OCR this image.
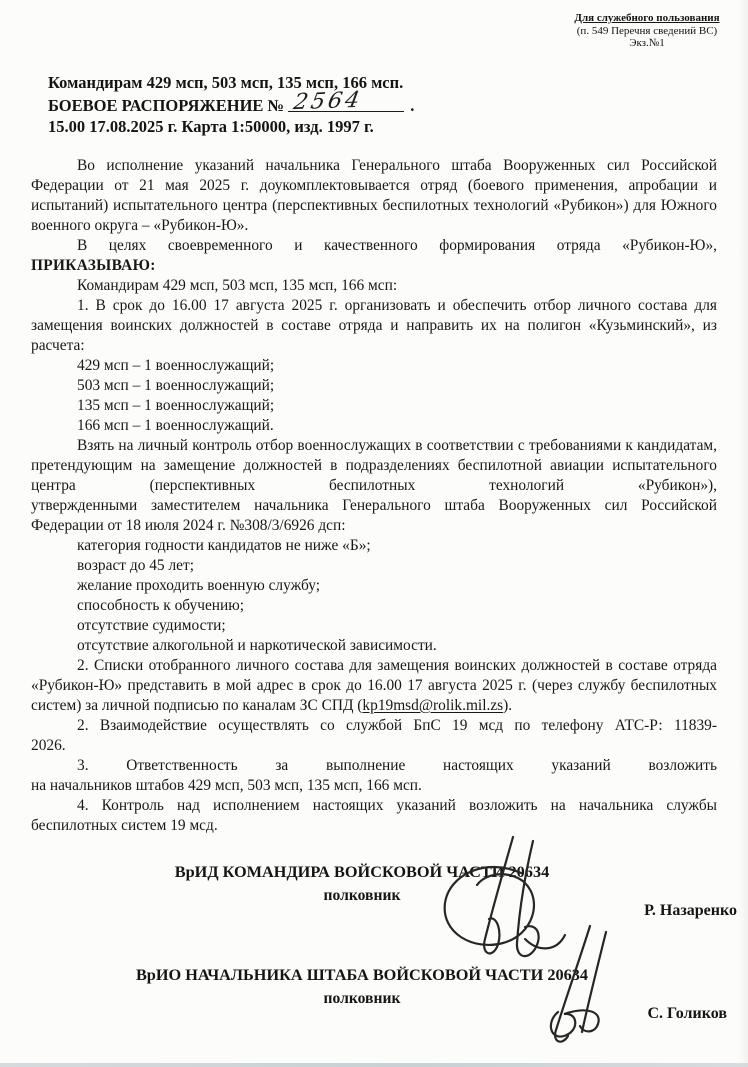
Для служебного пользования
(п. 549 Перечня сведений ВС)
Экз.№1
Командирам 429 мсп, 503 мсп, 135 мсп, 166 мсп.
БОЕВОЕ РАСПОРЯЖЕНИЕ № 2564	.
15.00 17.08.2025 г. Карта 1:50000, изд. 1997 г.

Во исполнение указаний начальника Генерального штаба Вооруженных сил Российской Федерации от 21 мая 2025 г. доукомплектовывается отряд (боевого применения, апробации и испытаний) испытательного центра (перспективных беспилотных технологий «Рубикон») для Южного военного округа – «Рубикон-Ю».

В целях своевременного и качественного формирования отряда «Рубикон-Ю»,

ПРИКАЗЫВАЮ:

Командирам 429 мсп, 503 мсп, 135 мсп, 166 мсп:

1. В срок до 16.00 17 августа 2025 г. организовать и обеспечить отбор личного состава для замещения воинских должностей в составе отряда и направить их на полигон «Кузьминский», из расчета:

429 мсп – 1 военнослужащий;

503 мсп – 1 военнослужащий;

135 мсп – 1 военнослужащий;

166 мсп – 1 военнослужащий.

Взять на личный контроль отбор военнослужащих в соответствии с требованиями к кандидатам, претендующим на замещение должностей в подразделениях беспилотной авиации испытательного центра (перспективных беспилотных технологий «Рубикон»),

утвержденными заместителем начальника Генерального штаба Вооруженных сил Российской Федерации от 18 июля 2024 г. №308/3/6926 дсп:

категория годности кандидатов не ниже «Б»;

возраст до 45 лет;

желание проходить военную службу;

способность к обучению;

отсутствие судимости;

отсутствие алкогольной и наркотической зависимости.

2. Списки отобранного личного состава для замещения воинских должностей в составе отряда «Рубикон-Ю» представить в мой адрес в срок до 16.00 17 августа 2025 г. (через службу беспилотных систем) за личной подписью по каналам ЗС СПД (kp19msd@rolik.mil.zs).

2. Взаимодействие осуществлять со службой БпС 19 мсд по телефону АТС-Р: 11839-

2026.

3. Ответственность за выполнение настоящих указаний возложить

на начальников штабов 429 мсп, 503 мсп, 135 мсп, 166 мсп.

4. Контроль над исполнением настоящих указаний возложить на начальника службы беспилотных систем 19 мсд.

ВрИД КОМАНДИРА ВОЙСКОВОЙ ЧАСТИ 20634
полковник
Р. Назаренко
ВрИО НАЧАЛЬНИКА ШТАБА ВОЙСКОВОЙ ЧАСТИ 20634
полковник
С. Голиков
